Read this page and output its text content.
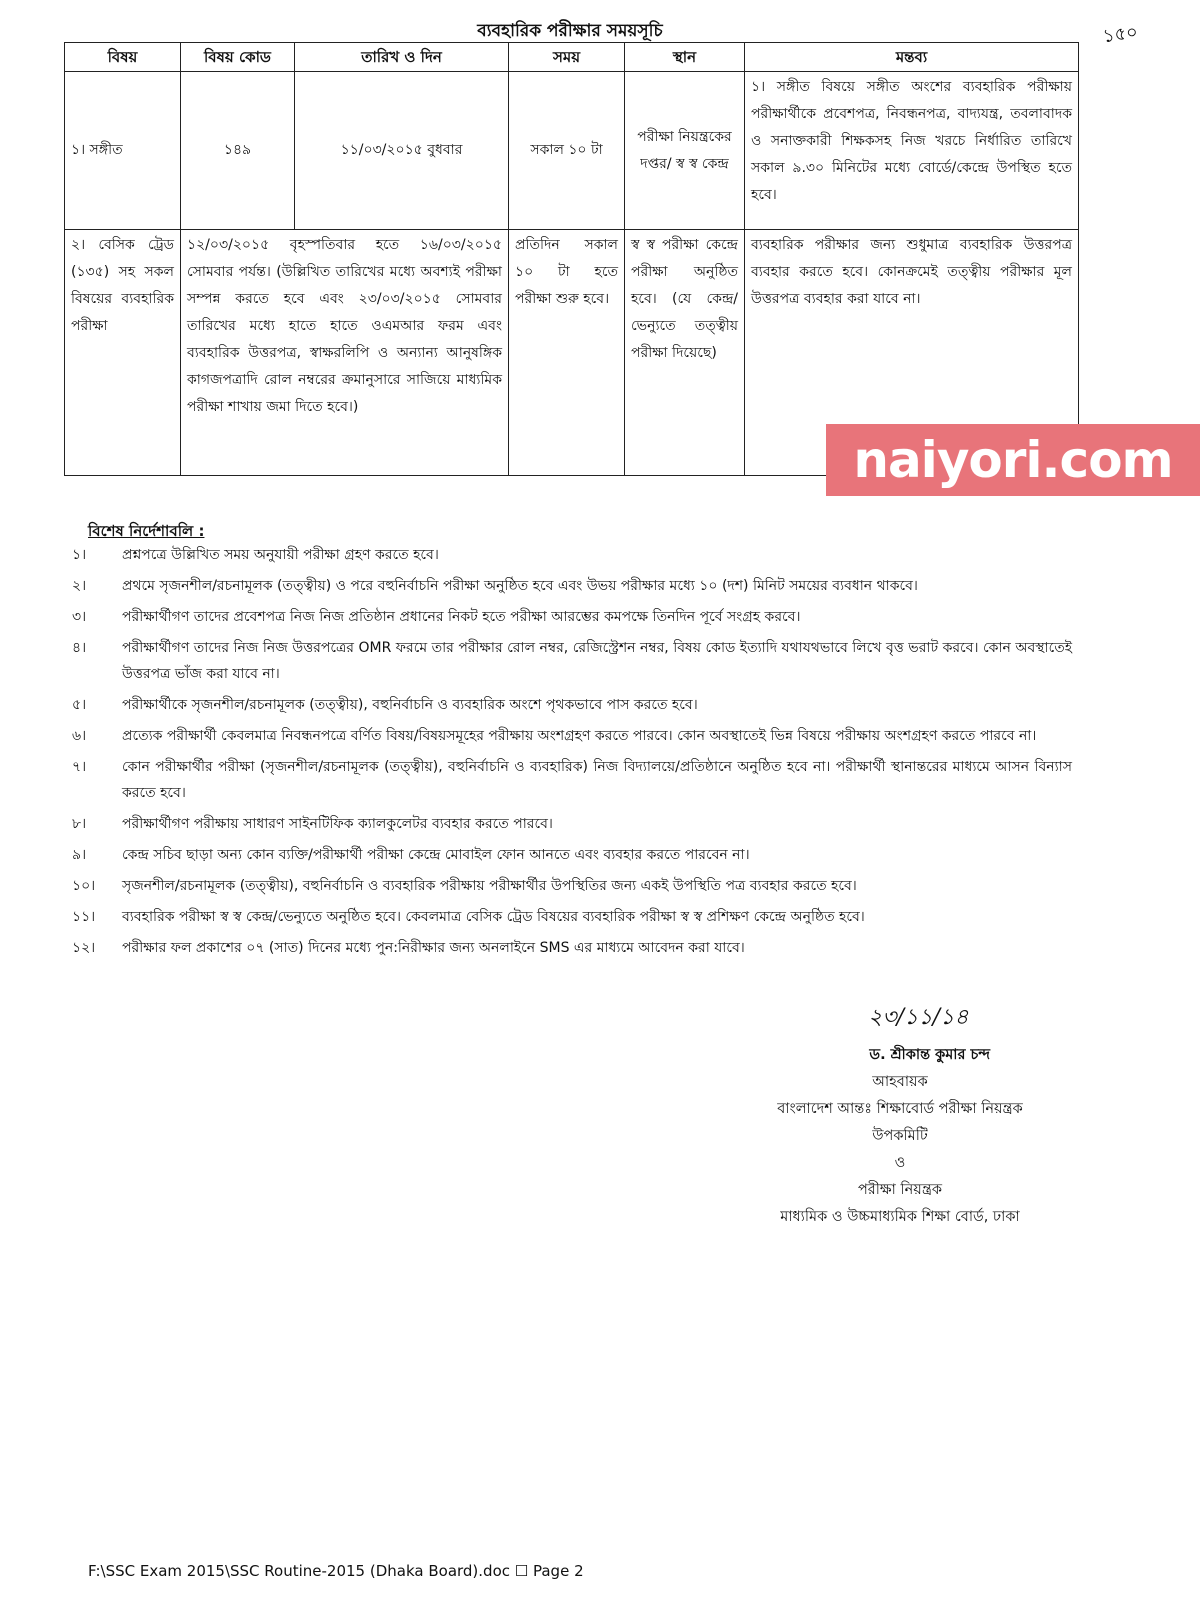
১৫০
ব্যবহারিক পরীক্ষার সময়সূচি
বিষয়	বিষয় কোড	তারিখ ও দিন	সময়	স্থান	মন্তব্য
১। সঙ্গীত	১৪৯	১১/০৩/২০১৫ বুধবার	সকাল ১০ টা	পরীক্ষা নিয়ন্ত্রকের দপ্তর/ স্ব স্ব কেন্দ্র	১। সঙ্গীত বিষয়ে সঙ্গীত অংশের ব্যবহারিক পরীক্ষায় পরীক্ষার্থীকে প্রবেশপত্র, নিবন্ধনপত্র, বাদ্যযন্ত্র, তবলাবাদক ও সনাক্তকারী শিক্ষকসহ নিজ খরচে নির্ধারিত তারিখে সকাল ৯.৩০ মিনিটের মধ্যে বোর্ডে/কেন্দ্রে উপস্থিত হতে হবে।
২। বেসিক ট্রেড (১৩৫) সহ সকল বিষয়ের ব্যবহারিক পরীক্ষা	১২/০৩/২০১৫ বৃহস্পতিবার হতে ১৬/০৩/২০১৫ সোমবার পর্যন্ত। (উল্লিখিত তারিখের মধ্যে অবশ্যই পরীক্ষা সম্পন্ন করতে হবে এবং ২৩/০৩/২০১৫ সোমবার তারিখের মধ্যে হাতে হাতে ওএমআর ফরম এবং ব্যবহারিক উত্তরপত্র, স্বাক্ষরলিপি ও অন্যান্য আনুষঙ্গিক কাগজপত্রাদি রোল নম্বরের ক্রমানুসারে সাজিয়ে মাধ্যমিক পরীক্ষা শাখায় জমা দিতে হবে।)		প্রতিদিন সকাল ১০ টা হতে পরীক্ষা শুরু হবে।	স্ব স্ব পরীক্ষা কেন্দ্রে পরীক্ষা অনুষ্ঠিত হবে। (যে কেন্দ্র/ ভেন্যুতে তত্ত্বীয় পরীক্ষা দিয়েছে)	ব্যবহারিক পরীক্ষার জন্য শুধুমাত্র ব্যবহারিক উত্তরপত্র ব্যবহার করতে হবে। কোনক্রমেই তত্ত্বীয় পরীক্ষার মূল উত্তরপত্র ব্যবহার করা যাবে না।
naiyori.com
বিশেষ নির্দেশাবলি :
১।	প্রশ্নপত্রে উল্লিখিত সময় অনুযায়ী পরীক্ষা গ্রহণ করতে হবে।
২।	প্রথমে সৃজনশীল/রচনামূলক (তত্ত্বীয়) ও পরে বহুনির্বাচনি পরীক্ষা অনুষ্ঠিত হবে এবং উভয় পরীক্ষার মধ্যে ১০ (দশ) মিনিট সময়ের ব্যবধান থাকবে।
৩।	পরীক্ষার্থীগণ তাদের প্রবেশপত্র নিজ নিজ প্রতিষ্ঠান প্রধানের নিকট হতে পরীক্ষা আরম্ভের কমপক্ষে তিনদিন পূর্বে সংগ্রহ করবে।
৪।	পরীক্ষার্থীগণ তাদের নিজ নিজ উত্তরপত্রের OMR ফরমে তার পরীক্ষার রোল নম্বর, রেজিস্ট্রেশন নম্বর, বিষয় কোড ইত্যাদি যথাযথভাবে লিখে বৃত্ত ভরাট করবে। কোন অবস্থাতেই উত্তরপত্র ভাঁজ করা যাবে না।
৫।	পরীক্ষার্থীকে সৃজনশীল/রচনামূলক (তত্ত্বীয়), বহুনির্বাচনি ও ব্যবহারিক অংশে পৃথকভাবে পাস করতে হবে।
৬।	প্রত্যেক পরীক্ষার্থী কেবলমাত্র নিবন্ধনপত্রে বর্ণিত বিষয়/বিষয়সমূহের পরীক্ষায় অংশগ্রহণ করতে পারবে। কোন অবস্থাতেই ভিন্ন বিষয়ে পরীক্ষায় অংশগ্রহণ করতে পারবে না।
৭।	কোন পরীক্ষার্থীর পরীক্ষা (সৃজনশীল/রচনামূলক (তত্ত্বীয়), বহুনির্বাচনি ও ব্যবহারিক) নিজ বিদ্যালয়ে/প্রতিষ্ঠানে অনুষ্ঠিত হবে না। পরীক্ষার্থী স্থানান্তরের মাধ্যমে আসন বিন্যাস করতে হবে।
৮।	পরীক্ষার্থীগণ পরীক্ষায় সাধারণ সাইনটিফিক ক্যালকুলেটর ব্যবহার করতে পারবে।
৯।	কেন্দ্র সচিব ছাড়া অন্য কোন ব্যক্তি/পরীক্ষার্থী পরীক্ষা কেন্দ্রে মোবাইল ফোন আনতে এবং ব্যবহার করতে পারবেন না।
১০।	সৃজনশীল/রচনামূলক (তত্ত্বীয়), বহুনির্বাচনি ও ব্যবহারিক পরীক্ষায় পরীক্ষার্থীর উপস্থিতির জন্য একই উপস্থিতি পত্র ব্যবহার করতে হবে।
১১।	ব্যবহারিক পরীক্ষা স্ব স্ব কেন্দ্র/ভেন্যুতে অনুষ্ঠিত হবে। কেবলমাত্র বেসিক ট্রেড বিষয়ের ব্যবহারিক পরীক্ষা স্ব স্ব প্রশিক্ষণ কেন্দ্রে অনুষ্ঠিত হবে।
১২।	পরীক্ষার ফল প্রকাশের ০৭ (সাত) দিনের মধ্যে পুন:নিরীক্ষার জন্য অনলাইনে SMS এর মাধ্যমে আবেদন করা যাবে।
২৩/১১/১৪
ড. শ্রীকান্ত কুমার চন্দ
আহবায়ক
বাংলাদেশ আন্তঃ শিক্ষাবোর্ড পরীক্ষা নিয়ন্ত্রক
উপকমিটি
ও
পরীক্ষা নিয়ন্ত্রক
মাধ্যমিক ও উচ্চমাধ্যমিক শিক্ষা বোর্ড, ঢাকা
F:\SSC Exam 2015\SSC Routine-2015 (Dhaka Board).doc ☐ Page 2
